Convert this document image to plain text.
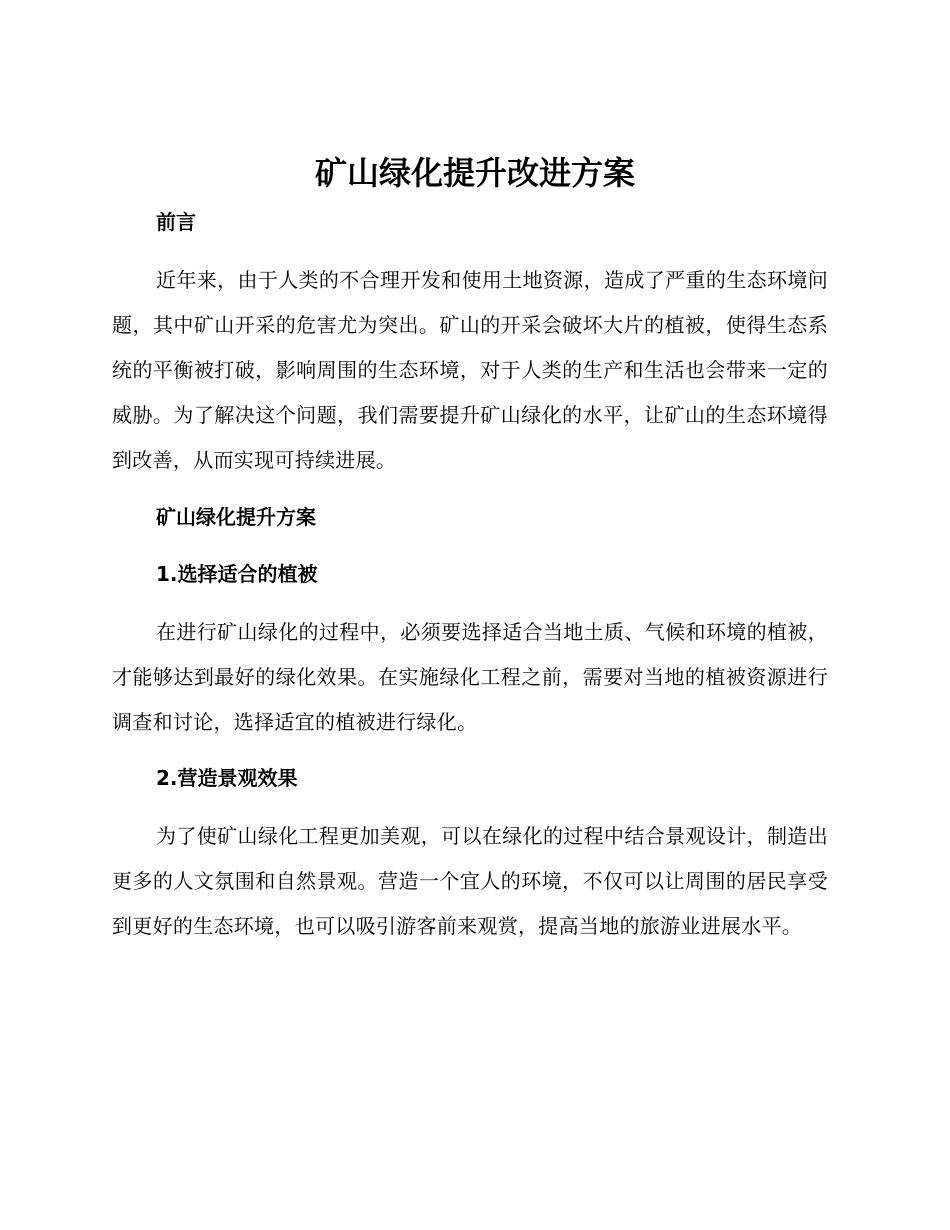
矿山绿化提升改进方案
前言

近年来，由于人类的不合理开发和使用土地资源，造成了严重的生态环境问题，其中矿山开采的危害尤为突出。矿山的开采会破坏大片的植被，使得生态系统的平衡被打破，影响周围的生态环境，对于人类的生产和生活也会带来一定的威胁。为了解决这个问题，我们需要提升矿山绿化的水平，让矿山的生态环境得到改善，从而实现可持续进展。

矿山绿化提升方案
1.选择适合的植被

在进行矿山绿化的过程中，必须要选择适合当地土质、气候和环境的植被，才能够达到最好的绿化效果。在实施绿化工程之前，需要对当地的植被资源进行调查和讨论，选择适宜的植被进行绿化。

2.营造景观效果

为了使矿山绿化工程更加美观，可以在绿化的过程中结合景观设计，制造出更多的人文氛围和自然景观。营造一个宜人的环境，不仅可以让周围的居民享受到更好的生态环境，也可以吸引游客前来观赏，提高当地的旅游业进展水平。
